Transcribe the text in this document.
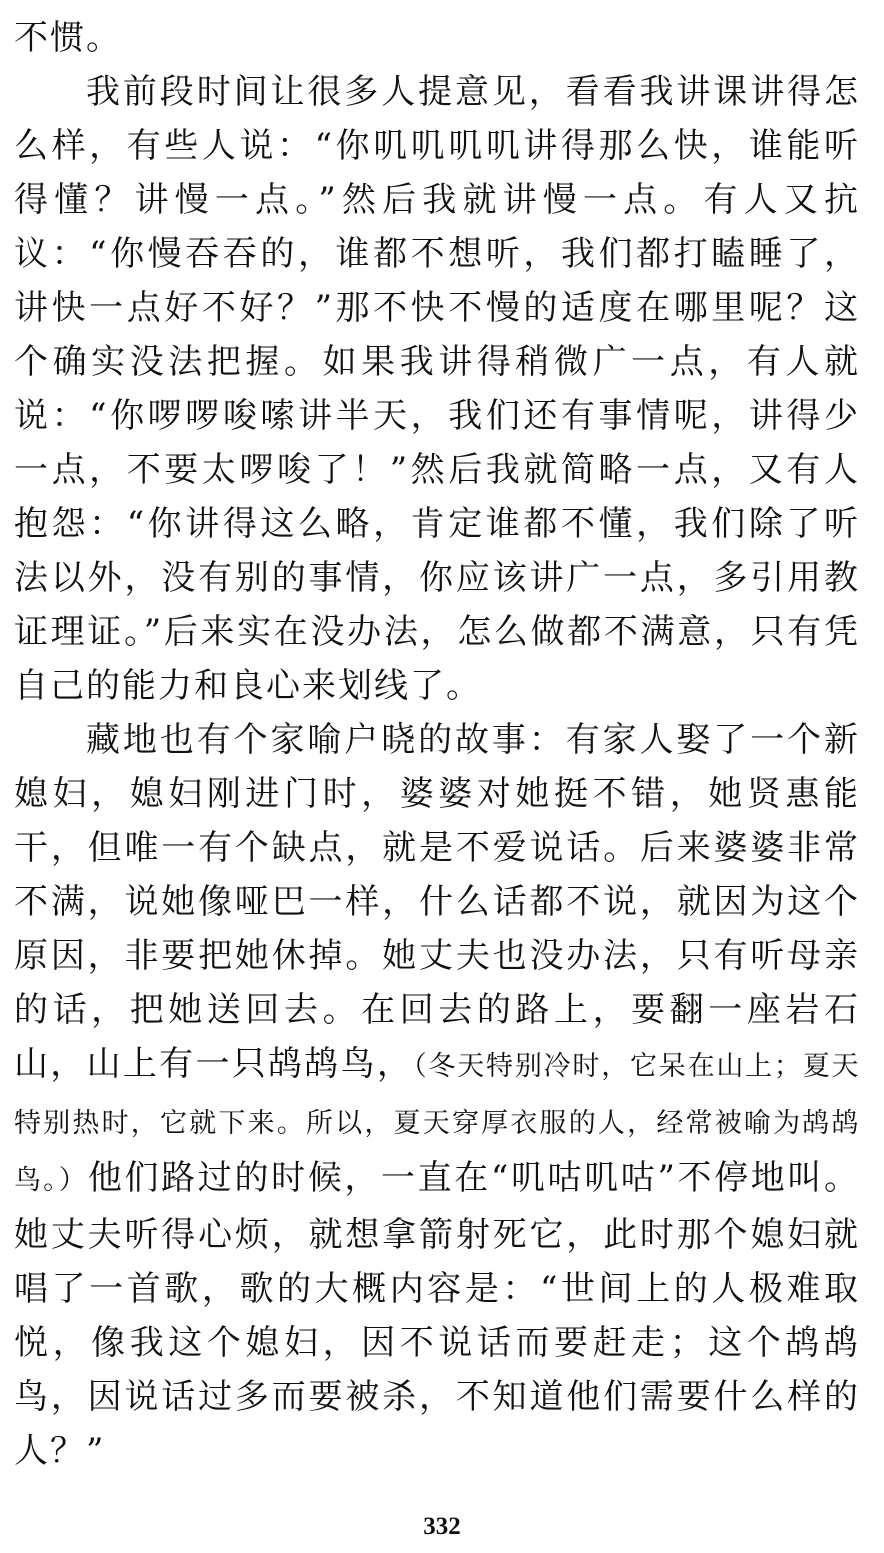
不惯。

我前段时间让很多人提意见，看看我讲课讲得怎么样，有些人说：“你叽叽叽叽讲得那么快，谁能听得懂？讲慢一点。”然后我就讲慢一点。有人又抗议：“你慢吞吞的，谁都不想听，我们都打瞌睡了，讲快一点好不好？”那不快不慢的适度在哪里呢？这个确实没法把握。如果我讲得稍微广一点，有人就说：“你啰啰唆嗦讲半天，我们还有事情呢，讲得少一点，不要太啰唆了！”然后我就简略一点，又有人抱怨：“你讲得这么略，肯定谁都不懂，我们除了听法以外，没有别的事情，你应该讲广一点，多引用教证理证。”后来实在没办法，怎么做都不满意，只有凭自己的能力和良心来划线了。

藏地也有个家喻户晓的故事：有家人娶了一个新媳妇，媳妇刚进门时，婆婆对她挺不错，她贤惠能干，但唯一有个缺点，就是不爱说话。后来婆婆非常不满，说她像哑巴一样，什么话都不说，就因为这个原因，非要把她休掉。她丈夫也没办法，只有听母亲的话，把她送回去。在回去的路上，要翻一座岩石山，山上有一只鸪鸪鸟，（冬天特别冷时，它呆在山上；夏天特别热时，它就下来。所以，夏天穿厚衣服的人，经常被喻为鸪鸪鸟。）他们路过的时候，一直在“叽咕叽咕”不停地叫。她丈夫听得心烦，就想拿箭射死它，此时那个媳妇就唱了一首歌，歌的大概内容是：“世间上的人极难取悦，像我这个媳妇，因不说话而要赶走；这个鸪鸪鸟，因说话过多而要被杀，不知道他们需要什么样的人？”

332
